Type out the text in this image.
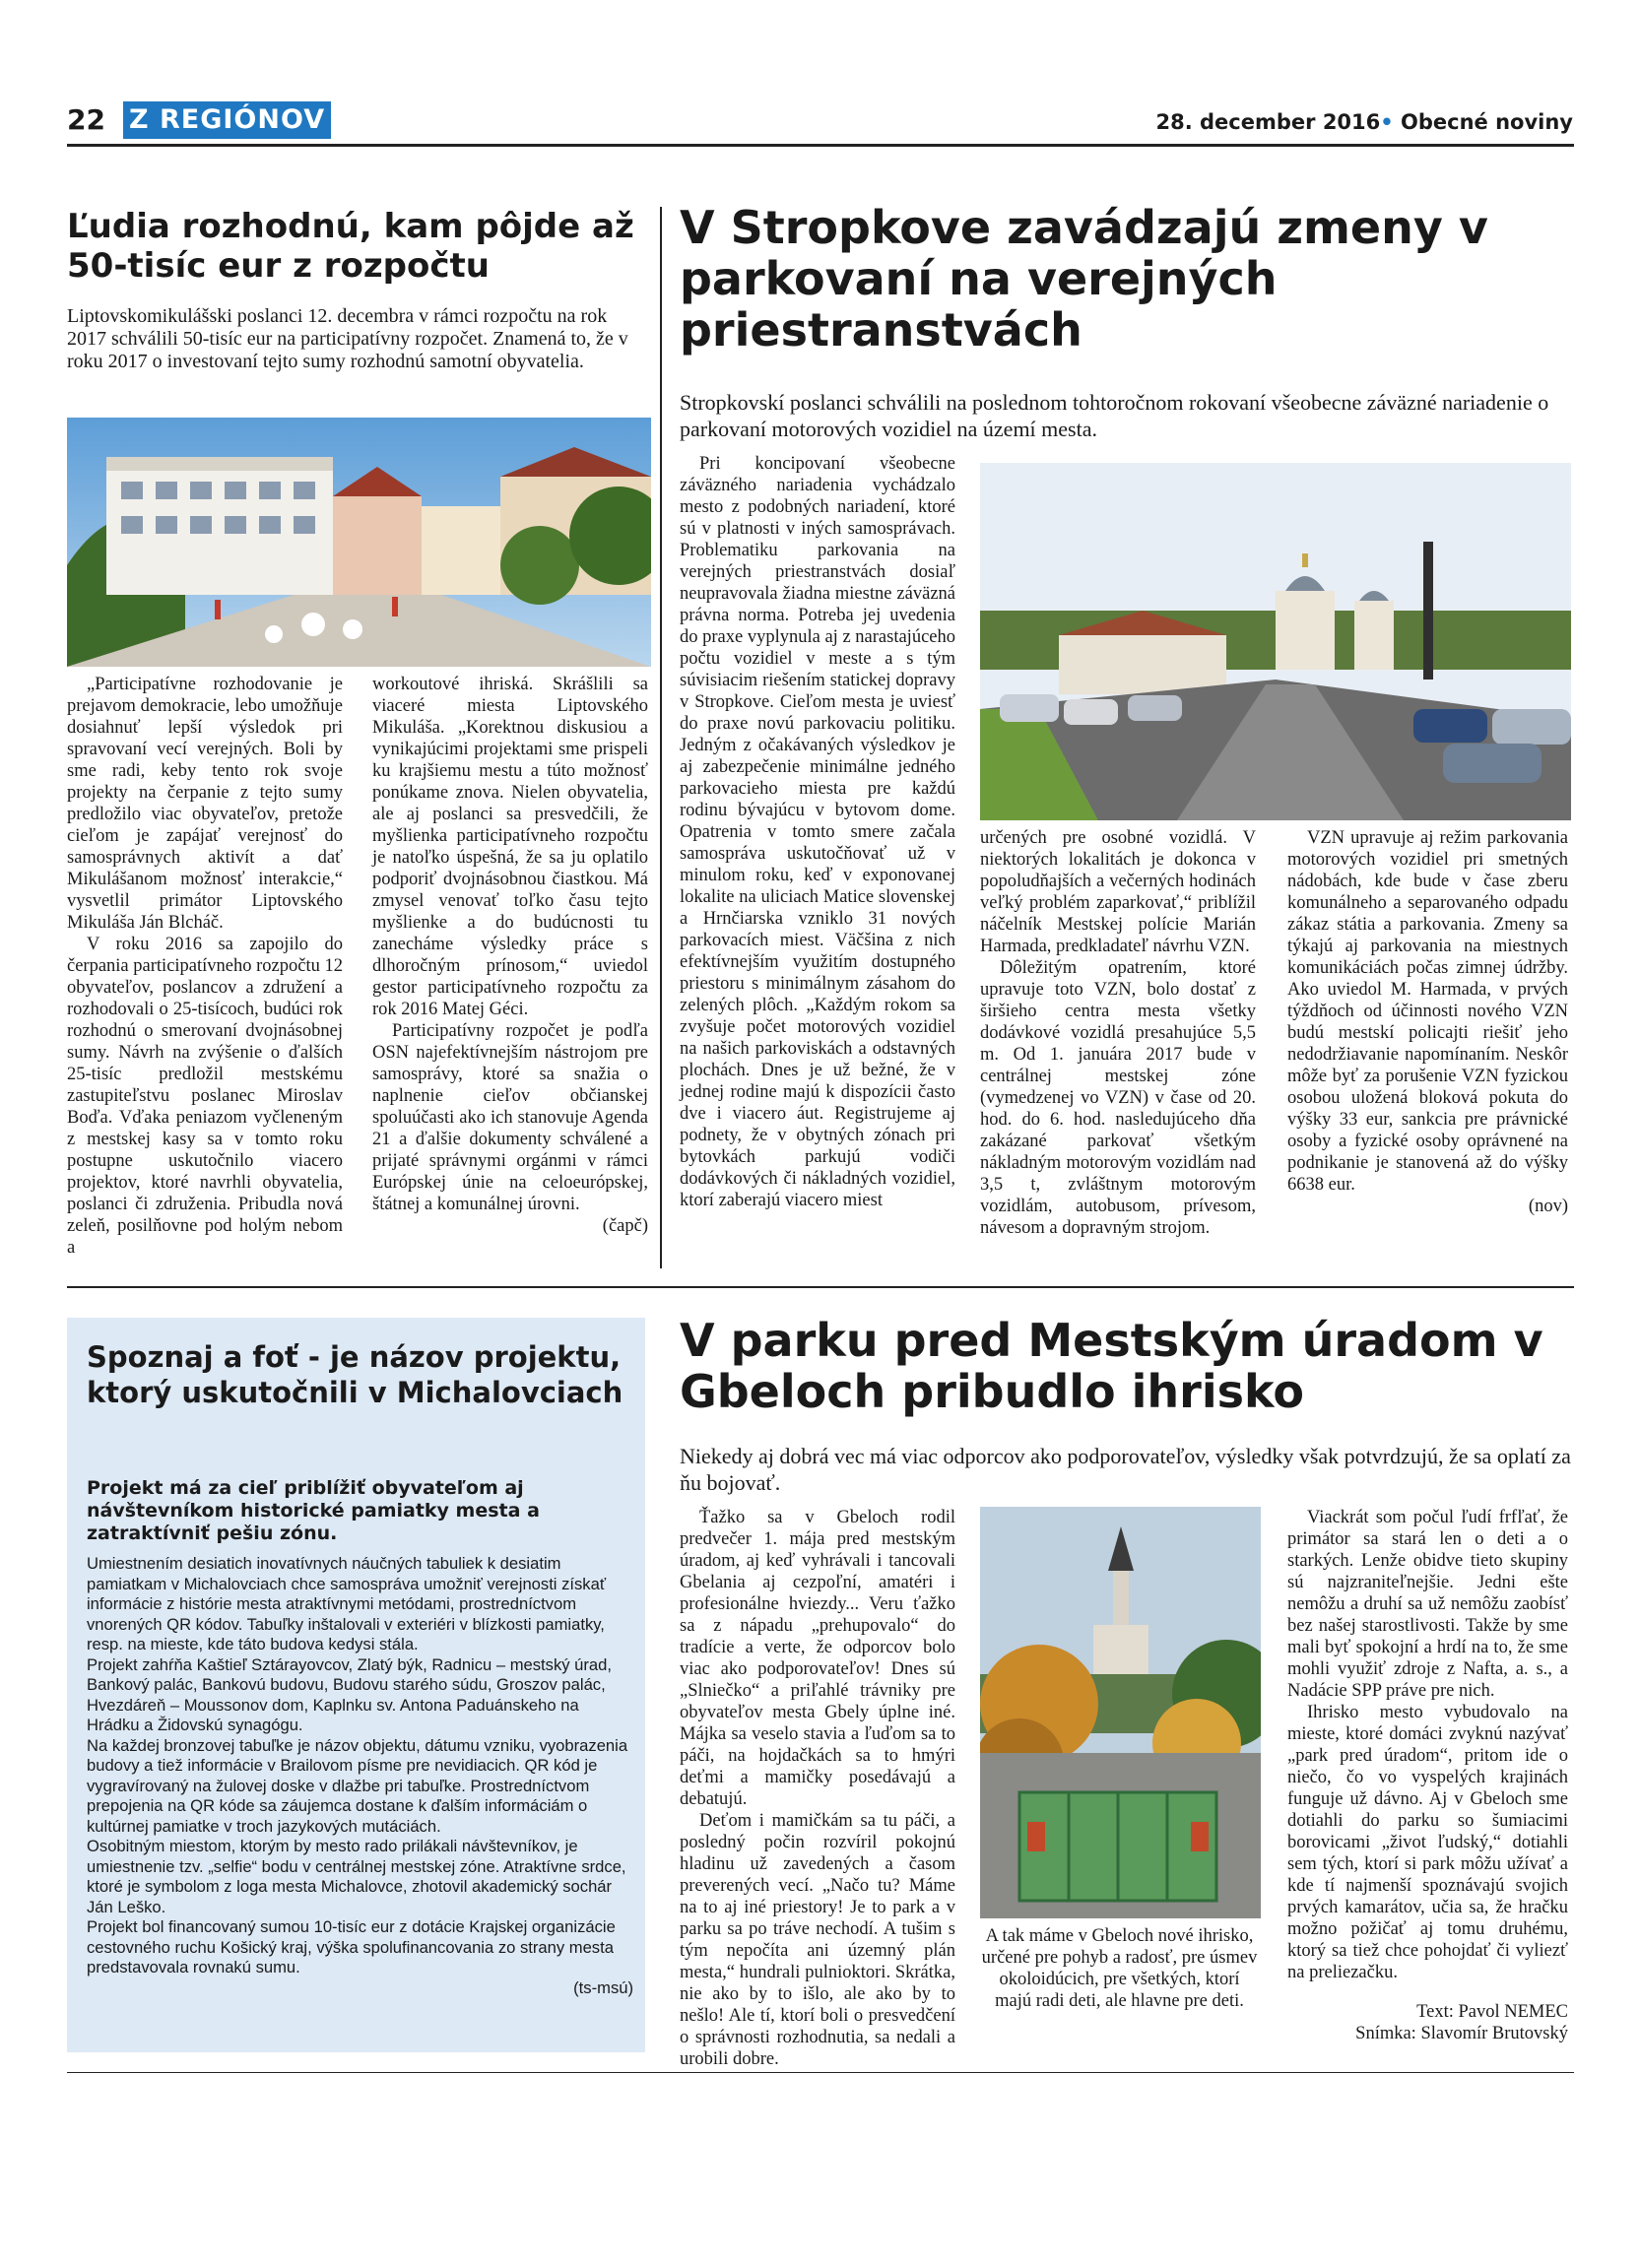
22 Z REGIÓNOV	28. december 2016• Obecné noviny
Ľudia rozhodnú, kam pôjde až 50-tisíc eur z rozpočtu
Liptovskomikulášski poslanci 12. decembra v rámci rozpočtu na rok 2017 schválili 50-tisíc eur na participatívny rozpočet. Znamená to, že v roku 2017 o investovaní tejto sumy rozhodnú samotní obyvatelia.

„Participatívne rozhodovanie je prejavom demokracie, lebo umožňuje dosiahnuť lepší výsledok pri spravovaní vecí verejných. Boli by sme radi, keby tento rok svoje projekty na čerpanie z tejto sumy predložilo viac obyvateľov, pretože cieľom je zapájať verejnosť do samosprávnych aktivít a dať Mikulášanom možnosť interakcie,“ vysvetlil primátor Liptovského Mikuláša Ján Blcháč.

V roku 2016 sa zapojilo do čerpania participatívneho rozpočtu 12 obyvateľov, poslancov a združení a rozhodovali o 25-tisícoch, budúci rok rozhodnú o smerovaní dvojnásobnej sumy. Návrh na zvýšenie o ďalších 25-tisíc predložil mestskému zastupiteľstvu poslanec Miroslav Boďa. Vďaka peniazom vyčleneným z mestskej kasy sa v tomto roku postupne uskutočnilo viacero projektov, ktoré navrhli obyvatelia, poslanci či združenia. Pribudla nová zeleň, posilňovne pod holým nebom a

workoutové ihriská. Skrášlili sa viaceré miesta Liptovského Mikuláša. „Korektnou diskusiou a vynikajúcimi projektami sme prispeli ku krajšiemu mestu a túto možnosť ponúkame znova. Nielen obyvatelia, ale aj poslanci sa presvedčili, že myšlienka participatívneho rozpočtu je natoľko úspešná, že sa ju oplatilo podporiť dvojnásobnou čiastkou. Má zmysel venovať toľko času tejto myšlienke a do budúcnosti tu zanecháme výsledky práce s dlhoročným prínosom,“ uviedol gestor participatívneho rozpočtu za rok 2016 Matej Géci.

Participatívny rozpočet je podľa OSN najefektívnejším nástrojom pre samosprávy, ktoré sa snažia o naplnenie cieľov občianskej spoluúčasti ako ich stanovuje Agenda 21 a ďalšie dokumenty schválené a prijaté správnymi orgánmi v rámci Európskej únie na celoeurópskej, štátnej a komunálnej úrovni.

(čapč)
V Stropkove zavádzajú zmeny v parkovaní na verejných priestranstvách
Stropkovskí poslanci schválili na poslednom tohtoročnom rokovaní všeobecne záväzné nariadenie o parkovaní motorových vozidiel na území mesta.

Pri koncipovaní všeobecne záväzného nariadenia vychádzalo mesto z podobných nariadení, ktoré sú v platnosti v iných samosprávach. Problematiku parkovania na verejných priestranstvách dosiaľ neupravovala žiadna miestne záväzná právna norma. Potreba jej uvedenia do praxe vyplynula aj z narastajúceho počtu vozidiel v meste a s tým súvisiacim riešením statickej dopravy v Stropkove. Cieľom mesta je uviesť do praxe novú parkovaciu politiku. Jedným z očakávaných výsledkov je aj zabezpečenie minimálne jedného parkovacieho miesta pre každú rodinu bývajúcu v bytovom dome. Opatrenia v tomto smere začala samospráva uskutočňovať už v minulom roku, keď v exponovanej lokalite na uliciach Matice slovenskej a Hrnčiarska vzniklo 31 nových parkovacích miest. Väčšina z nich efektívnejším využitím dostupného priestoru s minimálnym zásahom do zelených plôch. „Každým rokom sa zvyšuje počet motorových vozidiel na našich parkoviskách a odstavných plochách. Dnes je už bežné, že v jednej rodine majú k dispozícii často dve i viacero áut. Registrujeme aj podnety, že v obytných zónach pri bytovkách parkujú vodiči dodávkových či nákladných vozidiel, ktorí zaberajú viacero miest

určených pre osobné vozidlá. V niektorých lokalitách je dokonca v popoludňajších a večerných hodinách veľký problém zaparkovať,“ priblížil náčelník Mestskej polície Marián Harmada, predkladateľ návrhu VZN.

Dôležitým opatrením, ktoré upravuje toto VZN, bolo dostať z širšieho centra mesta všetky dodávkové vozidlá presahujúce 5,5 m. Od 1. januára 2017 bude v centrálnej mestskej zóne (vymedzenej vo VZN) v čase od 20. hod. do 6. hod. nasledujúceho dňa zakázané parkovať všetkým nákladným motorovým vozidlám nad 3,5 t, zvláštnym motorovým vozidlám, autobusom, prívesom, návesom a dopravným strojom.

VZN upravuje aj režim parkovania motorových vozidiel pri smetných nádobách, kde bude v čase zberu komunálneho a separovaného odpadu zákaz státia a parkovania. Zmeny sa týkajú aj parkovania na miestnych komunikáciách počas zimnej údržby. Ako uviedol M. Harmada, v prvých týždňoch od účinnosti nového VZN budú mestskí policajti riešiť jeho nedodržiavanie napomínaním. Neskôr môže byť za porušenie VZN fyzickou osobou uložená bloková pokuta do výšky 33 eur, sankcia pre právnické osoby a fyzické osoby oprávnené na podnikanie je stanovená až do výšky 6638 eur.

(nov)
Spoznaj a foť - je názov projektu, ktorý uskutočnili v Michalovciach
Projekt má za cieľ priblížiť obyvateľom aj návštevníkom historické pamiatky mesta a zatraktívniť pešiu zónu.
Umiestnením desiatich inovatívnych náučných tabuliek k desiatim pamiatkam v Michalovciach chce samospráva umožniť verejnosti získať informácie z histórie mesta atraktívnymi metódami, prostredníctvom vnorených QR kódov. Tabuľky inštalovali v exteriéri v blízkosti pamiatky, resp. na mieste, kde táto budova kedysi stála.
Projekt zahŕňa Kaštieľ Sztárayovcov, Zlatý býk, Radnicu – mestský úrad, Bankový palác, Bankovú budovu, Budovu starého súdu, Groszov palác, Hvezdáreň – Moussonov dom, Kaplnku sv. Antona Paduánskeho na Hrádku a Židovskú synagógu.
Na každej bronzovej tabuľke je názov objektu, dátumu vzniku, vyobrazenia budovy a tiež informácie v Brailovom písme pre nevidiacich. QR kód je vygravírovaný na žulovej doske v dlažbe pri tabuľke. Prostredníctvom prepojenia na QR kóde sa záujemca dostane k ďalším informáciám o kultúrnej pamiatke v troch jazykových mutáciách.
Osobitným miestom, ktorým by mesto rado prilákali návštevníkov, je umiestnenie tzv. „selfie“ bodu v centrálnej mestskej zóne. Atraktívne srdce, ktoré je symbolom z loga mesta Michalovce, zhotovil akademický sochár Ján Leško.
Projekt bol financovaný sumou 10-tisíc eur z dotácie Krajskej organizácie cestovného ruchu Košický kraj, výška spolufinancovania zo strany mesta predstavovala rovnakú sumu.
(ts-msú)
V parku pred Mestským úradom v Gbeloch pribudlo ihrisko
Niekedy aj dobrá vec má viac odporcov ako podporovateľov, výsledky však potvrdzujú, že sa oplatí za ňu bojovať.

Ťažko sa v Gbeloch rodil predvečer 1. mája pred mestským úradom, aj keď vyhrávali i tancovali Gbelania aj cezpoľní, amatéri i profesionálne hviezdy... Veru ťažko sa z nápadu „prehupovalo“ do tradície a verte, že odporcov bolo viac ako podporovateľov! Dnes sú „Slniečko“ a priľahlé trávniky pre obyvateľov mesta Gbely úplne iné. Májka sa veselo stavia a ľuďom sa to páči, na hojdačkách sa to hmýri deťmi a mamičky posedávajú a debatujú.

Deťom i mamičkám sa tu páči, a posledný počin rozvíril pokojnú hladinu už zavedených a časom preverených vecí. „Načo tu? Máme na to aj iné priestory! Je to park a v parku sa po tráve nechodí. A tušim s tým nepočíta ani územný plán mesta,“ hundrali pulnioktori. Skrátka, nie ako by to išlo, ale ako by to nešlo! Ale tí, ktorí boli o presvedčení o správnosti rozhodnutia, sa nedali a urobili dobre.

A tak máme v Gbeloch nové ihrisko, určené pre pohyb a radosť, pre úsmev okoloidúcich, pre všetkých, ktorí majú radi deti, ale hlavne pre deti.

Viackrát som počul ľudí frfľať, že primátor sa stará len o deti a o starkých. Lenže obidve tieto skupiny sú najzraniteľnejšie. Jedni ešte nemôžu a druhí sa už nemôžu zaobísť bez našej starostlivosti. Takže by sme mali byť spokojní a hrdí na to, že sme mohli využiť zdroje z Nafta, a. s., a Nadácie SPP práve pre nich.

Ihrisko mesto vybudovalo na mieste, ktoré domáci zvyknú nazývať „park pred úradom“, pritom ide o niečo, čo vo vyspelých krajinách funguje už dávno. Aj v Gbeloch sme dotiahli do parku so šumiacimi borovicami „život ľudský,“ dotiahli sem tých, ktorí si park môžu užívať a kde tí najmenší spoznávajú svojich prvých kamarátov, učia sa, že hračku možno požičať aj tomu druhému, ktorý sa tiež chce pohojdať či vyliezť na preliezačku.

Text: Pavol NEMEC
Snímka: Slavomír Brutovský
